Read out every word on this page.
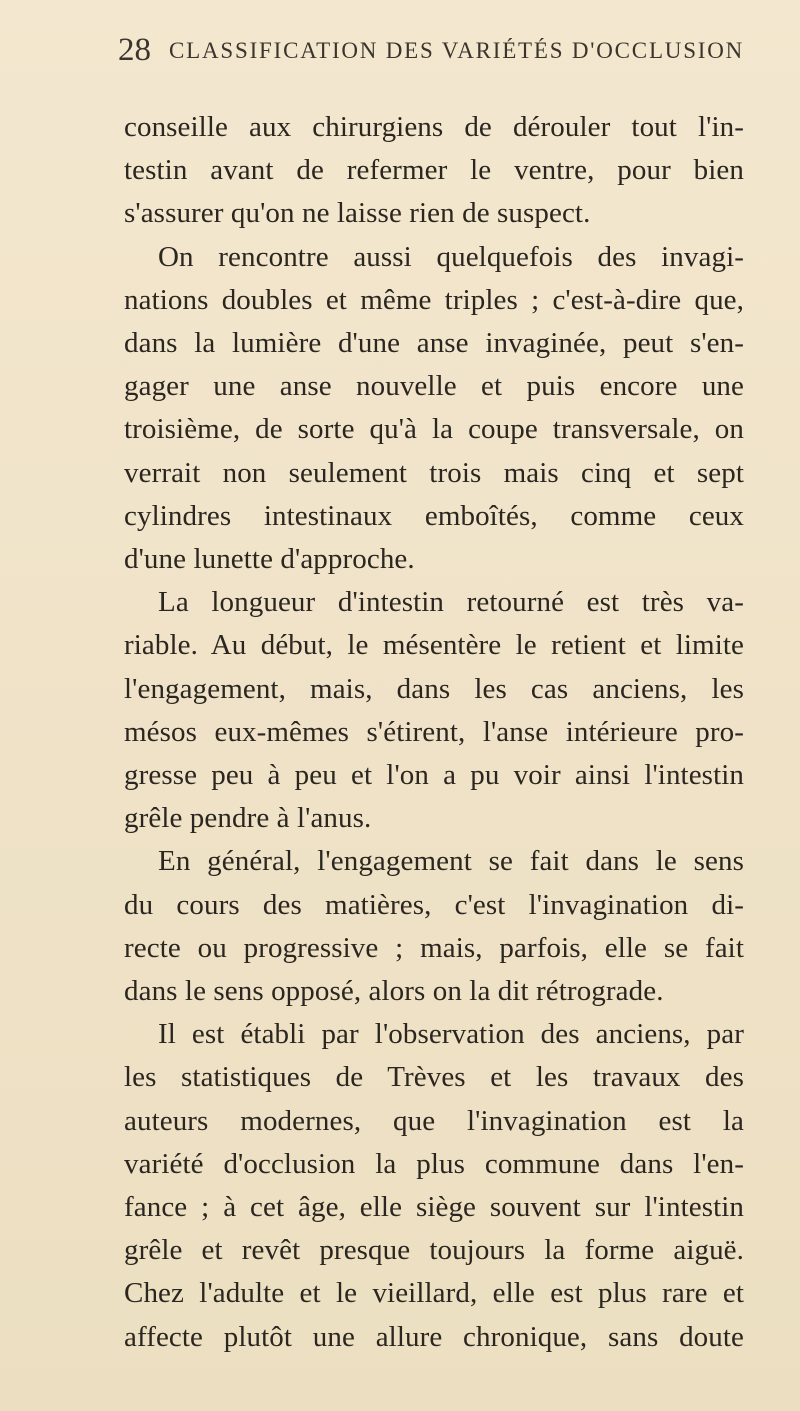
28 CLASSIFICATION DES VARIÉTÉS D'OCCLUSION
conseille aux chirurgiens de dérouler tout l'in-
testin avant de refermer le ventre, pour bien
s'assurer qu'on ne laisse rien de suspect.
On rencontre aussi quelquefois des invagi-
nations doubles et même triples ; c'est-à-dire que,
dans la lumière d'une anse invaginée, peut s'en-
gager une anse nouvelle et puis encore une
troisième, de sorte qu'à la coupe transversale, on
verrait non seulement trois mais cinq et sept
cylindres intestinaux emboîtés, comme ceux
d'une lunette d'approche.
La longueur d'intestin retourné est très va-
riable. Au début, le mésentère le retient et limite
l'engagement, mais, dans les cas anciens, les
mésos eux-mêmes s'étirent, l'anse intérieure pro-
gresse peu à peu et l'on a pu voir ainsi l'intestin
grêle pendre à l'anus.
En général, l'engagement se fait dans le sens
du cours des matières, c'est l'invagination di-
recte ou progressive ; mais, parfois, elle se fait
dans le sens opposé, alors on la dit rétrograde.
Il est établi par l'observation des anciens, par
les statistiques de Trèves et les travaux des
auteurs modernes, que l'invagination est la
variété d'occlusion la plus commune dans l'en-
fance ; à cet âge, elle siège souvent sur l'intestin
grêle et revêt presque toujours la forme aiguë.
Chez l'adulte et le vieillard, elle est plus rare et
affecte plutôt une allure chronique, sans doute
